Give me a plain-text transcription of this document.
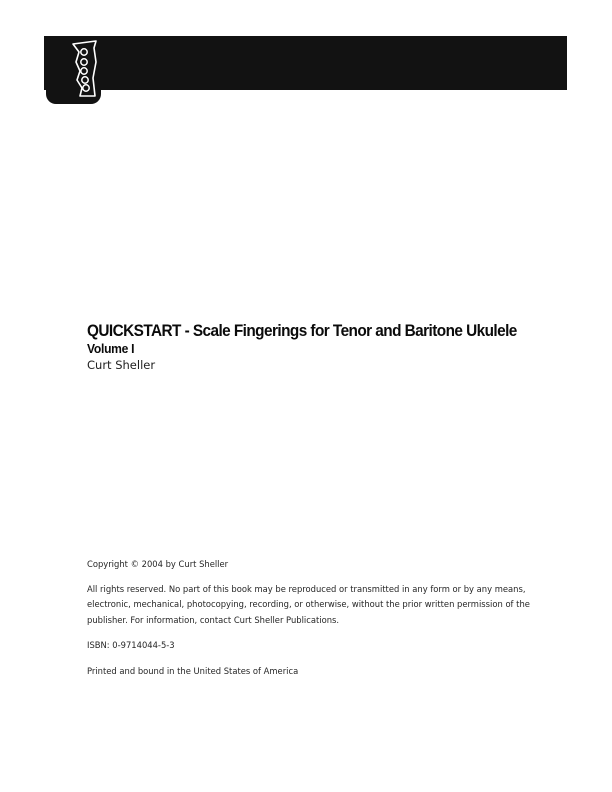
QUICKSTART - Scale Fingerings for Tenor and Baritone Ukulele
Volume I
Curt Sheller

Copyright © 2004 by Curt Sheller

All rights reserved. No part of this book may be reproduced or transmitted in any form or by any means, electronic, mechanical, photocopying, recording, or otherwise, without the prior written permission of the publisher. For information, contact Curt Sheller Publications.

ISBN: 0-9714044-5-3

Printed and bound in the United States of America
